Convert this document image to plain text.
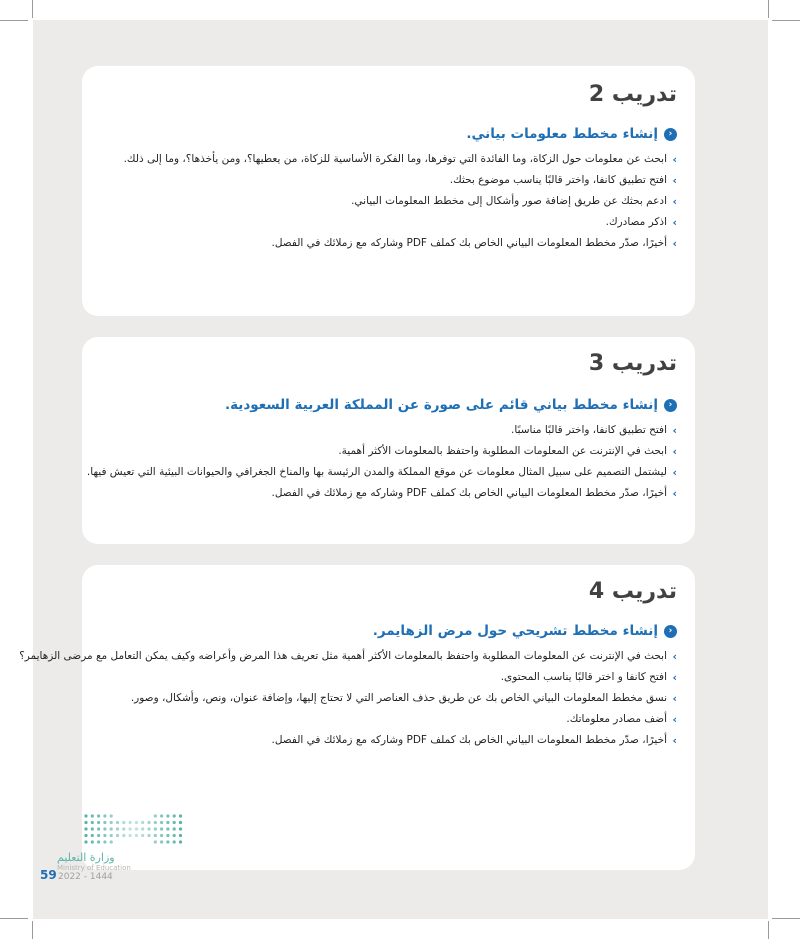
تدريب 2
‹
إنشاء مخطط معلومات بياني.
›
ابحث عن معلومات حول الزكاة، وما الفائدة التي توفرها، وما الفكرة الأساسية للزكاة، من يعطيها؟، ومن يأخذها؟، وما إلى ذلك.
›
افتح تطبيق كانفا، واختر قالبًا يناسب موضوع بحثك.
›
ادعم بحثك عن طريق إضافة صور وأشكال إلى مخطط المعلومات البياني.
›
اذكر مصادرك.
›
أخيرًا، صدّر مخطط المعلومات البياني الخاص بك كملف PDF وشاركه مع زملائك في الفصل.
تدريب 3
‹
إنشاء مخطط بياني قائم على صورة عن المملكة العربية السعودية.
›
افتح تطبيق كانفا، واختر قالبًا مناسبًا.
›
ابحث في الإنترنت عن المعلومات المطلوبة واحتفظ بالمعلومات الأكثر أهمية.
›
ليشتمل التصميم على سبيل المثال معلومات عن موقع المملكة والمدن الرئيسة بها والمناخ الجغرافي والحيوانات البيئية التي تعيش فيها.
›
أخيرًا، صدّر مخطط المعلومات البياني الخاص بك كملف PDF وشاركه مع زملائك في الفصل.
تدريب 4
‹
إنشاء مخطط تشريحي حول مرض الزهايمر.
›
ابحث في الإنترنت عن المعلومات المطلوبة واحتفظ بالمعلومات الأكثر أهمية مثل تعريف هذا المرض وأعراضه وكيف يمكن التعامل مع مرضى الزهايمر؟
›
افتح كانفا و اختر قالبًا يناسب المحتوى.
›
نسق مخطط المعلومات البياني الخاص بك عن طريق حذف العناصر التي لا تحتاج إليها، وإضافة عنوان، ونص، وأشكال، وصور.
›
أضف مصادر معلوماتك.
›
أخيرًا، صدّر مخطط المعلومات البياني الخاص بك كملف PDF وشاركه مع زملائك في الفصل.
وزارة التعليم
Ministry of Education
59 2022 - 1444
